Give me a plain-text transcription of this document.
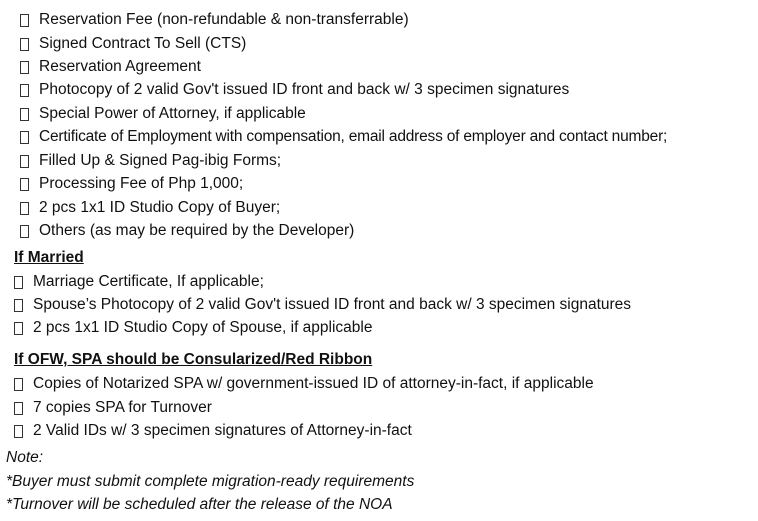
Reservation Fee (non-refundable & non-transferrable)
Signed Contract To Sell (CTS)
Reservation Agreement
Photocopy of 2 valid Gov't issued ID front and back w/ 3 specimen signatures
Special Power of Attorney, if applicable
Certificate of Employment with compensation, email address of employer and contact number;
Filled Up & Signed Pag-ibig Forms;
Processing Fee of Php 1,000;
2 pcs 1x1 ID Studio Copy of Buyer;
Others (as may be required by the Developer)
If Married
Marriage Certificate, If applicable;
Spouse’s Photocopy of 2 valid Gov't issued ID front and back w/ 3 specimen signatures
2 pcs 1x1 ID Studio Copy of Spouse, if applicable
If OFW, SPA should be Consularized/Red Ribbon
Copies of Notarized SPA w/ government-issued ID of attorney-in-fact, if applicable
7 copies SPA for Turnover
2 Valid IDs w/ 3 specimen signatures of Attorney-in-fact
Note:
*Buyer must submit complete migration-ready requirements
*Turnover will be scheduled after the release of the NOA
